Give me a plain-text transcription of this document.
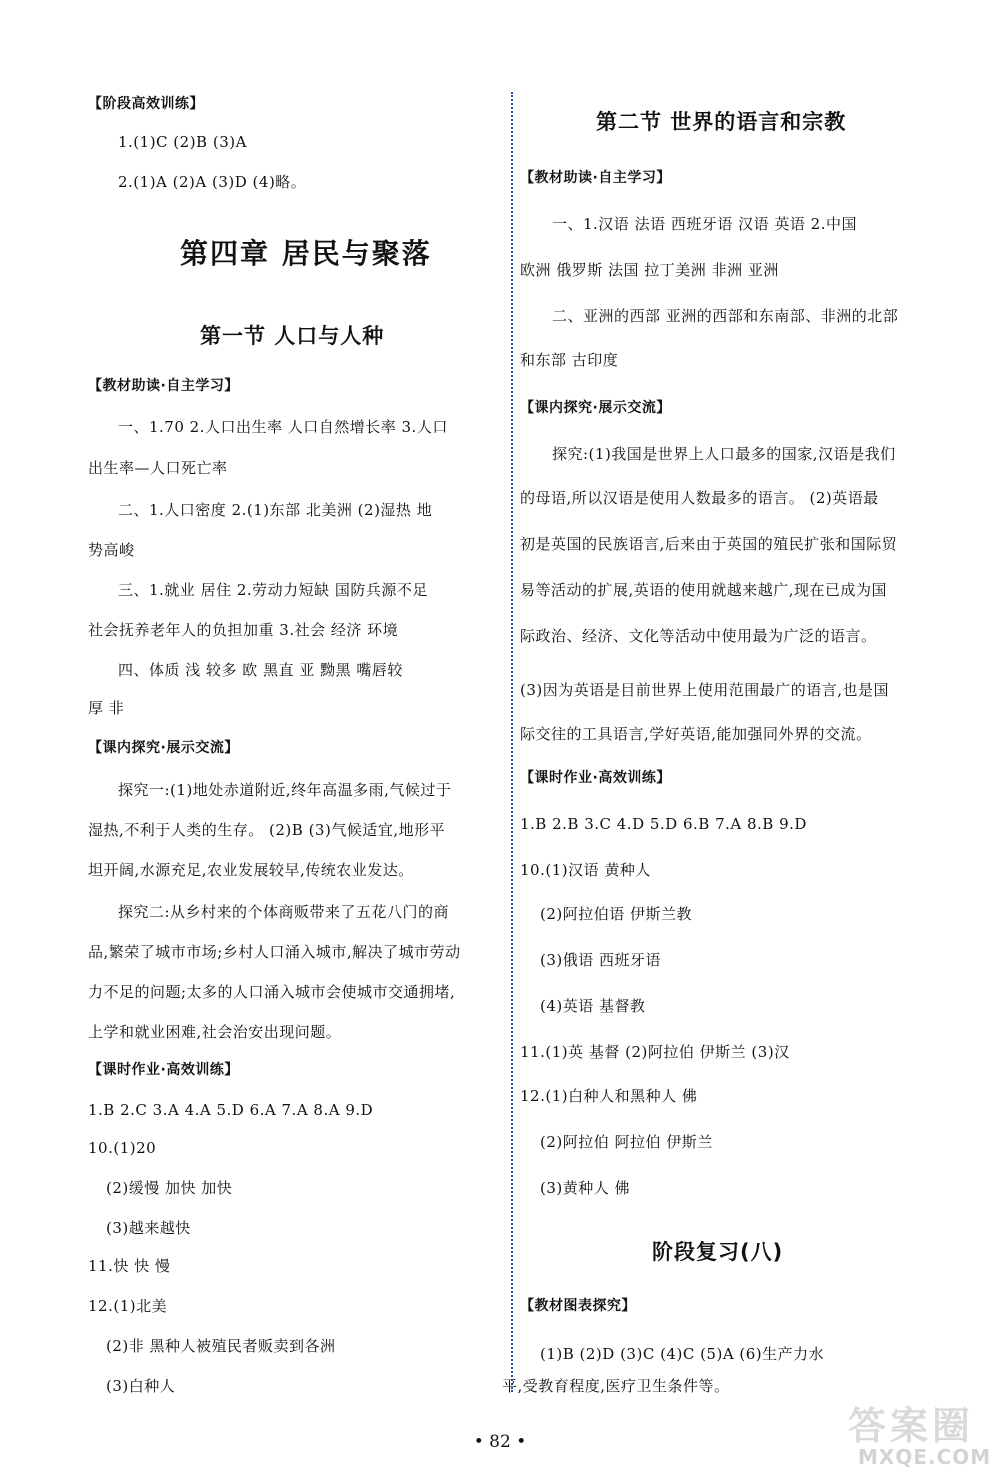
【阶段高效训练】
1.(1)C (2)B (3)A
2.(1)A (2)A (3)D (4)略。
第四章 居民与聚落
第一节 人口与人种
【教材助读·自主学习】
一、1.70 2.人口出生率 人口自然增长率 3.人口
出生率—人口死亡率
二、1.人口密度 2.(1)东部 北美洲 (2)湿热 地
势高峻
三、1.就业 居住 2.劳动力短缺 国防兵源不足
社会抚养老年人的负担加重 3.社会 经济 环境
四、体质 浅 较多 欧 黑直 亚 黝黑 嘴唇较
厚 非
【课内探究·展示交流】
探究一:(1)地处赤道附近,终年高温多雨,气候过于
湿热,不利于人类的生存。 (2)B (3)气候适宜,地形平
坦开阔,水源充足,农业发展较早,传统农业发达。
探究二:从乡村来的个体商贩带来了五花八门的商
品,繁荣了城市市场;乡村人口涌入城市,解决了城市劳动
力不足的问题;太多的人口涌入城市会使城市交通拥堵,
上学和就业困难,社会治安出现问题。
【课时作业·高效训练】
1.B 2.C 3.A 4.A 5.D 6.A 7.A 8.A 9.D
10.(1)20
(2)缓慢 加快 加快
(3)越来越快
11.快 快 慢
12.(1)北美
(2)非 黑种人被殖民者贩卖到各洲
(3)白种人
第二节 世界的语言和宗教
【教材助读·自主学习】
一、1.汉语 法语 西班牙语 汉语 英语 2.中国
欧洲 俄罗斯 法国 拉丁美洲 非洲 亚洲
二、亚洲的西部 亚洲的西部和东南部、非洲的北部
和东部 古印度
【课内探究·展示交流】
探究:(1)我国是世界上人口最多的国家,汉语是我们
的母语,所以汉语是使用人数最多的语言。 (2)英语最
初是英国的民族语言,后来由于英国的殖民扩张和国际贸
易等活动的扩展,英语的使用就越来越广,现在已成为国
际政治、经济、文化等活动中使用最为广泛的语言。
(3)因为英语是目前世界上使用范围最广的语言,也是国
际交往的工具语言,学好英语,能加强同外界的交流。
【课时作业·高效训练】
1.B 2.B 3.C 4.D 5.D 6.B 7.A 8.B 9.D
10.(1)汉语 黄种人
(2)阿拉伯语 伊斯兰教
(3)俄语 西班牙语
(4)英语 基督教
11.(1)英 基督 (2)阿拉伯 伊斯兰 (3)汉
12.(1)白种人和黑种人 佛
(2)阿拉伯 阿拉伯 伊斯兰
(3)黄种人 佛
阶段复习(八)
【教材图表探究】
(1)B (2)D (3)C (4)C (5)A (6)生产力水
平,受教育程度,医疗卫生条件等。
• 82 •	答案圈
MXQE.COM
